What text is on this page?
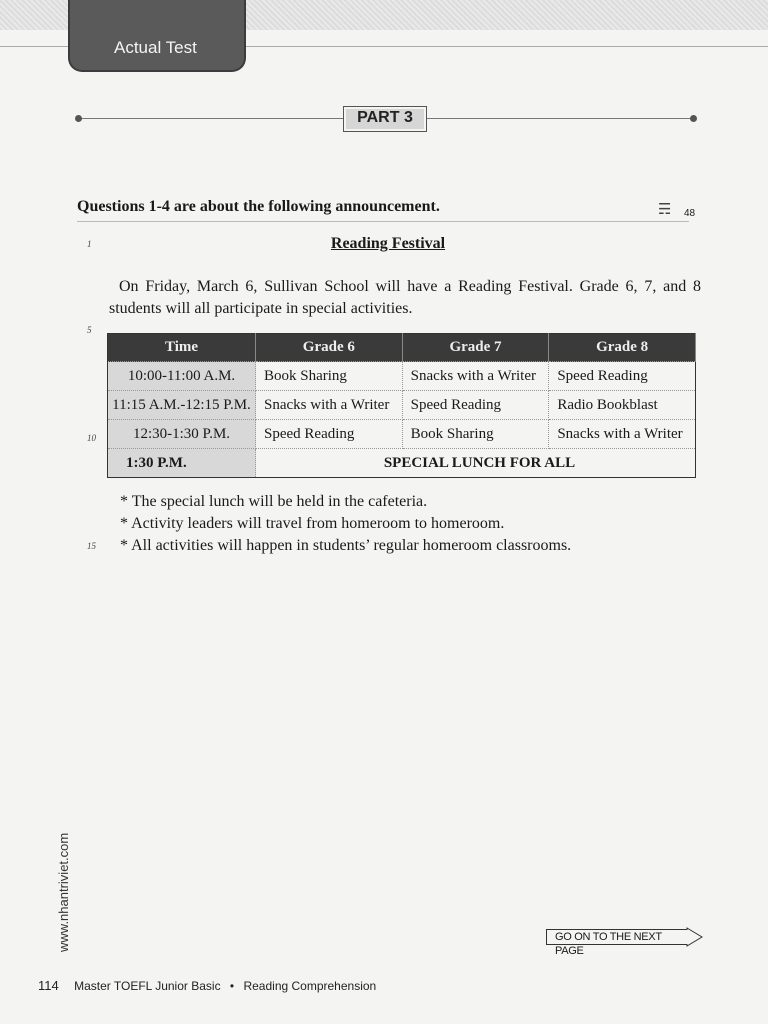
Actual Test
PART 3
Questions 1-4 are about the following announcement.	☴	48
1
5
10
15
Reading Festival
On Friday, March 6, Sullivan School will have a Reading Festival. Grade 6, 7, and 8 students will all participate in special activities.
Time	Grade 6	Grade 7	Grade 8
10:00-11:00 A.M.	Book Sharing	Snacks with a Writer	Speed Reading
11:15 A.M.-12:15 P.M.	Snacks with a Writer	Speed Reading	Radio Bookblast
12:30-1:30 P.M.	Speed Reading	Book Sharing	Snacks with a Writer
1:30 P.M.	SPECIAL LUNCH FOR ALL		
* The special lunch will be held in the cafeteria.
* Activity leaders will travel from homeroom to homeroom.
* All activities will happen in students’ regular homeroom classrooms.
www.nhantriviet.com	GO ON TO THE NEXT PAGE
114 Master TOEFL Junior Basic • Reading Comprehension
